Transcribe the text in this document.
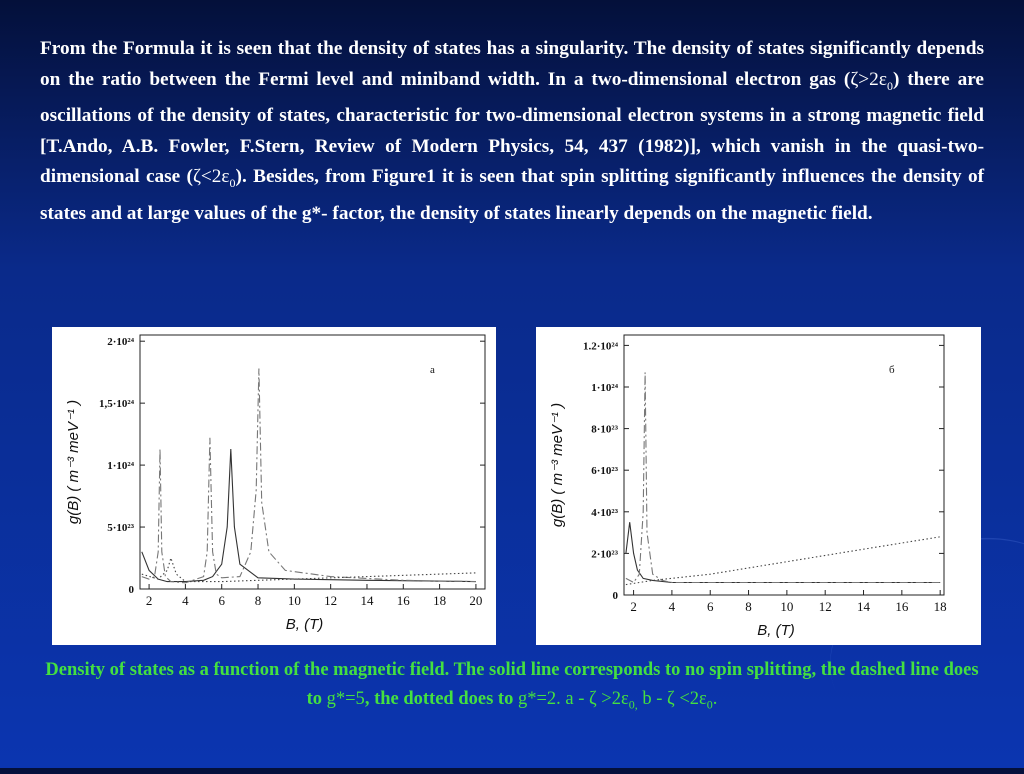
From the Formula it is seen that the density of states has a singularity. The density of states significantly depends on the ratio between the Fermi level and miniband width. In a two-dimensional electron gas $(\zeta>2\varepsilon_0)$ there are oscillations of the density of states, characteristic for two-dimensional electron systems in a strong magnetic field [T.Ando, A.B. Fowler, F.Stern, Review of Modern Physics, 54, 437 (1982)], which vanish in the quasi-two-dimensional case $(\zeta<2\varepsilon_0)$. Besides, from Figure1 it is seen that spin splitting significantly influences the density of states and at large values of the g*- factor, the density of states linearly depends on the magnetic field.

0
5·10²³
1·10²⁴
1,5·10²⁴
2·10²⁴
2 4 6 8 10 12 14 16 18 20
а
B, (T)
g(B) ( m⁻³ meV⁻¹ )
0
2·10²³
4·10²³
6·10²³
8·10²³
1·10²⁴
1.2·10²⁴
2 4 6 8 10 12 14 16 18
б
B, (T)
g(B) ( m⁻³ meV⁻¹ )

Density of states as a function of the magnetic field. The solid line corresponds to no spin splitting, the dashed line does to g*=5, the dotted does to g*=2. $a - \zeta >2\varepsilon_{0,}$ $b - \zeta <2\varepsilon_0$.
